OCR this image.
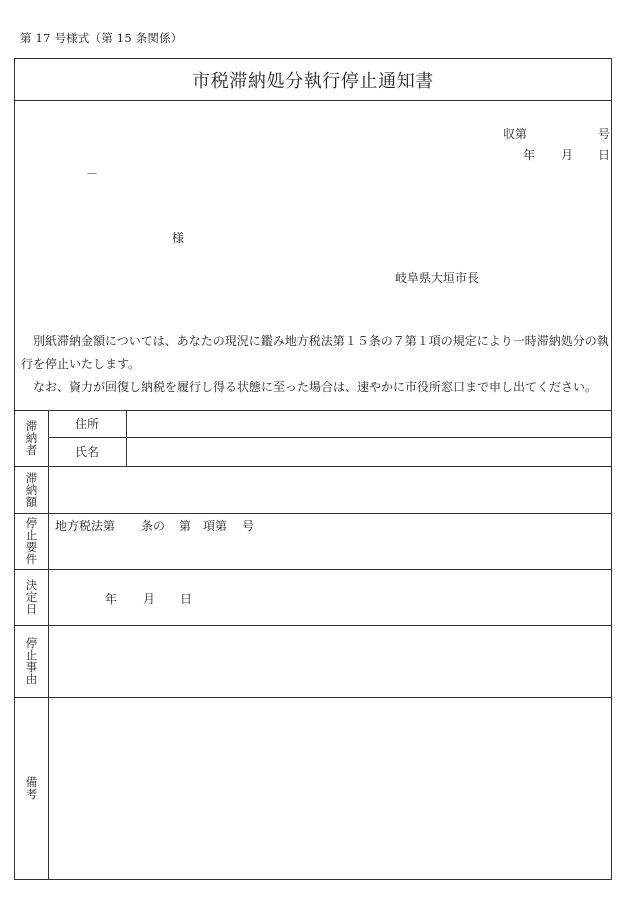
第 17 号様式（第 15 条関係）
市税滞納処分執行停止通知書
収第	号
年 月 日
－
様
岐阜県大垣市長

　別紙滞納金額については、あなたの現況に鑑み地方税法第１５条の７第１項の規定により一時滞納処分の執行を停止いたします。

なお、資力が回復し納税を履行し得る状態に至った場合は、速やかに市役所窓口まで申し出てください。

滞
納
者
住所
氏名
滞
納
額
停
止
要
件
地方税法第 条の 第 項第 号
決
定
日
年 月 日
停
止
事
由
備
考
